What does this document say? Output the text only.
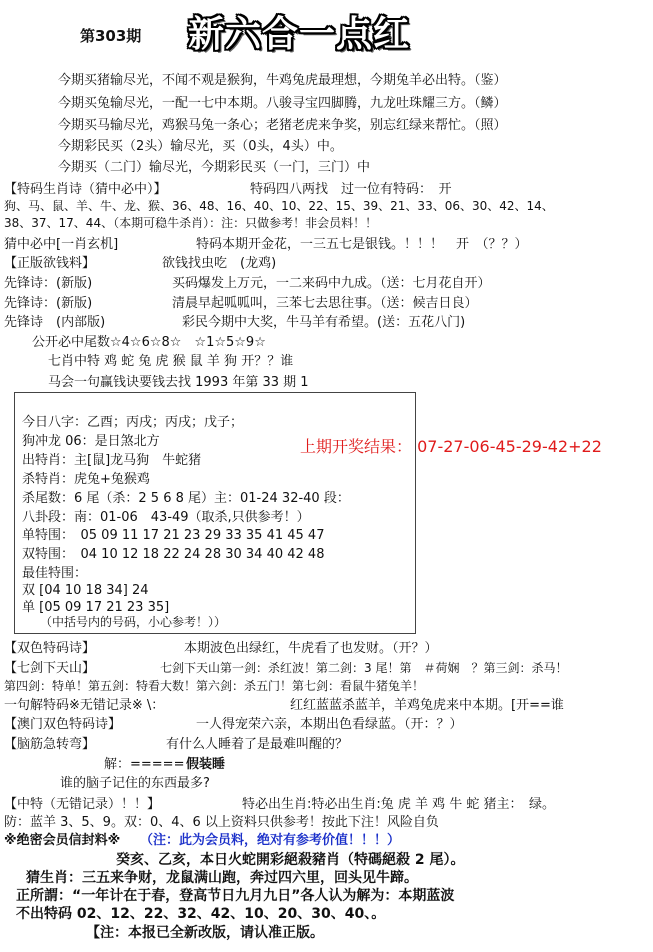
第303期 新六合一点红
今期买猪输尽光，不闻不观是猴狗，牛鸡兔虎最理想，今期兔羊必出特。（鉴）
今期买兔输尽光，一配一七中本期。八骏寻宝四脚腾，九龙吐珠耀三方。（鳞）
今期买马输尽光，鸡猴马兔一条心；老猪老虎来争奖，别忘红绿来帮忙。（照）
今期彩民买（2头）输尽光，买（0头，4头）中。
今期买（二门）输尽光，今期彩民买（一门，三门）中
【特码生肖诗（猜中必中）】	特码四八两找　过一位有特码：　开
狗、马、鼠、羊、牛、龙、猴、36、48、16、40、10、22、15、39、21、33、06、30、42、14、
38、37、17、44、（本期可稳牛杀肖）：注：只做参考！非会员料！！
猜中必中[一肖玄机]	特码本期开金花，一三五七是银钱。！！！　开　（？？）
【正版欲钱料】	欲钱找虫吃　(龙鸡)
先锋诗：(新版)	买码爆发上万元，一二来码中九成。（送：七月花自开）
先锋诗：(新版)	清晨早起呱呱叫，三苯七去思往事。（送：候吉日良）
先锋诗　(内部版)	彩民今期中大奖，牛马羊有希望。(送：五花八门)
公开必中尾数☆4☆6☆8☆　☆1☆5☆9☆
七肖中特 鸡 蛇 兔 虎 猴 鼠 羊 狗 开？？谁
马会一句赢钱诀要钱去找 1993 年第 33 期 1
今日八字：乙酉；丙戌；丙戌；戊子；
狗冲龙 06：是日煞北方
出特肖：主[鼠]龙马狗　牛蛇猪
杀特肖：虎兔+兔猴鸡
杀尾数：6 尾（杀：2 5 6 8 尾）主：01-24 32-40 段：
八卦段：南：01-06　43-49（取杀,只供参考！）
单特围：　05 09 11 17 21 23 29 33 35 41 45 47
双特围：　04 10 12 18 22 24 28 30 34 40 42 48
最佳特围：
双 [04 10 18 34] 24
单 [05 09 17 21 23 35]
（中括号内的号码，小心参考！））
上期开奖结果： 07-27-06-45-29-42+22
【双色特码诗】	本期波色出绿红，牛虎看了也发财。（开？）
【七剑下天山】	七剑下天山第一剑：杀红波！第二剑：3 尾！第　＃荷娴　？第三剑：杀马！
第四剑：特单！第五剑：特看大数！第六剑：杀五门！第七剑：看鼠牛猪兔羊！
一句解特码※无错记录※ \：	红红蓝蓝杀蓝羊，羊鸡兔虎来中本期。[开==谁
【澳门双色特码诗】	一人得宠荣六亲，本期出色看绿蓝。（开：？）
【脑筋急转弯】	有什么人睡着了是最难叫醒的？
解：===== 假装睡
谁的脑子记住的东西最多?
【中特（无错记录）！！】	特必出生肖:特必出生肖:兔 虎 羊 鸡 牛 蛇 猪主：　绿。
防：蓝羊 3、5、9。双：0、4、6 以上资料只供参考！按此下注！风险自负
※绝密会员信封料※ （注：此为会员料，绝对有参考价值！！！）
癸亥、乙亥，本日火蛇開彩絕殺豬肖（特碼絕殺 2 尾）。
猜生肖：三五来争财，龙鼠满山跑，奔过四六里，回头见牛蹄。
正所謂：“一年计在于春，登高节日九月九日”各人认为解为：本期蓝波
不出特码 02、12、22、32、42、10、20、30、40、。
【注：本报已全新改版，请认准正版。
